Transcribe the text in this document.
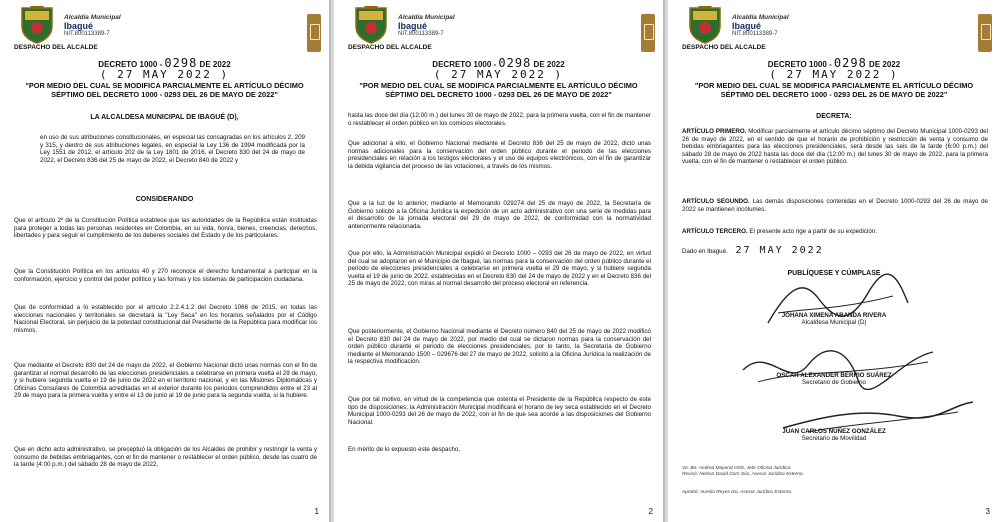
Alcaldía Municipal
Ibagué
NIT.800113389-7
DESPACHO DEL ALCALDE
DECRETO 1000 - 0298 DE 2022
( 27 MAY 2022 )
"POR MEDIO DEL CUAL SE MODIFICA PARCIALMENTE EL ARTÍCULO DÉCIMO SÉPTIMO DEL DECRETO 1000 - 0293 DEL 26 DE MAYO DE 2022"
LA ALCALDESA MUNICIPAL DE IBAGUÉ (D),
en uso de sus atribuciones constitucionales, en especial las consagradas en los artículos 2, 209 y 315, y dentro de sus atribuciones legales, en especial la Ley 136 de 1994 modificada por la Ley 1551 de 2012, el artículo 202 de la Ley 1801 de 2016, el Decreto 830 del 24 de mayo de 2022, el Decreto 836 del 25 de mayo de 2022, el Decreto 840 de 2022 y
CONSIDERANDO
Que el artículo 2º de la Constitución Política establece que las autoridades de la República están instituidas para proteger a todas las personas residentes en Colombia, en su vida, honra, bienes, creencias, derechos, libertades y para seguir el cumplimiento de los deberes sociales del Estado y de los particulares.
Que la Constitución Política en los artículos 40 y 270 reconoce el derecho fundamental a participar en la conformación, ejercicio y control del poder político y las formas y los sistemas de participación ciudadana.
Que de conformidad a lo establecido por el artículo 2.2.4.1.2 del Decreto 1066 de 2015, en todas las elecciones nacionales y territoriales se decretará la "Ley Seca" en los horarios señalados por el Código Nacional Electoral, sin perjuicio de la potestad constitucional del Presidente de la República para modificar los mismos.
Que mediante el Decreto 830 del 24 de mayo de 2022, el Gobierno Nacional dictó unas normas con el fin de garantizar el normal desarrollo de las elecciones presidenciales a celebrarse en primera vuelta el 29 de mayo, y si hubiere segunda vuelta el 19 de junio de 2022 en el territorio nacional, y en las Misiones Diplomáticas y Oficinas Consulares de Colombia acreditadas en el exterior durante los periodos comprendidos entre el 23 al 29 de mayo para la primera vuelta y entre el 13 de junio al 19 de junio para la segunda vuelta, si la hubiere.
Que en dicho acto administrativo, se preceptuó la obligación de los Alcaldes de prohibir y restringir la venta y consumo de bebidas embriagantes, con el fin de mantener o restablecer el orden público, desde las cuatro de la tarde (4:00 p.m.) del sábado 28 de mayo de 2022,
1
Alcaldía Municipal
Ibagué
NIT.800113389-7
DESPACHO DEL ALCALDE
DECRETO 1000 - 0298 DE 2022
( 27 MAY 2022 )
"POR MEDIO DEL CUAL SE MODIFICA PARCIALMENTE EL ARTÍCULO DÉCIMO SÉPTIMO DEL DECRETO 1000 - 0293 DEL 26 DE MAYO DE 2022"
hasta las doce del día (12:00 m.) del lunes 30 de mayo de 2022, para la primera vuelta, con el fin de mantener o restablecer el orden público en los comicios electorales.
Que adicional a ello, el Gobierno Nacional mediante el Decreto 836 del 25 de mayo de 2022, dictó unas normas adicionales para la conservación del orden público durante el periodo de las elecciones presidenciales en relación a los testigos electorales y el uso de equipos electrónicos, con el fin de garantizar la debida vigilancia del proceso de las votaciones, a través de los mismos.
Que a la luz de lo anterior, mediante el Memorando 029274 del 25 de mayo de 2022, la Secretaría de Gobierno solicitó a la Oficina Jurídica la expedición de un acto administrativo con una serie de medidas para el desarrollo de la jornada electoral del 29 de mayo de 2022, de conformidad con la normatividad anteriormente relacionada.
Que por ello, la Administración Municipal expidió el Decreto 1000 – 0293 del 26 de mayo de 2022, en virtud del cual se adoptaron en el Municipio de Ibagué, las normas para la conservación del orden público durante el periodo de elecciones presidenciales a celebrarse en primera vuelta el 29 de mayo, y si hubiere segunda vuelta el 19 de junio de 2022, establecidas en el Decreto 830 del 24 de mayo de 2022 y en el Decreto 836 del 25 de mayo de 2022, con miras al normal desarrollo del proceso electoral en referencia.
Que posteriormente, el Gobierno Nacional mediante el Decreto número 840 del 25 de mayo de 2022 modificó el Decreto 830 del 24 de mayo de 2022, por medio del cual se dictaron normas para la conservación del orden público durante el periodo de elecciones presidenciales; por lo tanto, la Secretaría de Gobierno mediante el Memorando 1500 – 029676 del 27 de mayo de 2022, solicitó a la Oficina Jurídica la realización de la respectiva modificación.
Que por tal motivo, en virtud de la competencia que ostenta el Presidente de la República respecto de este tipo de disposiciones, la Administración Municipal modificará el horario de ley seca establecido en el Decreto Municipal 1000-0293 del 26 de mayo de 2022, con el fin de que sea acorde a las disposiciones del Gobierno Nacional.
En mérito de lo expuesto este despacho,
2
Alcaldía Municipal
Ibagué
NIT.800113389-7
DESPACHO DEL ALCALDE
DECRETO 1000 - 0298 DE 2022
( 27 MAY 2022 )
"POR MEDIO DEL CUAL SE MODIFICA PARCIALMENTE EL ARTÍCULO DÉCIMO SÉPTIMO DEL DECRETO 1000 - 0293 DEL 26 DE MAYO DE 2022"
DECRETA:
ARTÍCULO PRIMERO. Modificar parcialmente el artículo décimo séptimo del Decreto Municipal 1000-0293 del 26 de mayo de 2022, en el sentido de que el horario de prohibición y restricción de venta y consumo de bebidas embriagantes para las elecciones presidenciales, será desde las seis de la tarde (6:00 p.m.) del sábado 28 de mayo de 2022 hasta las doce del día (12:00 m.) del lunes 30 de mayo de 2022, para la primera vuelta, con el fin de mantener o restablecer el orden público.
ARTÍCULO SEGUNDO. Las demás disposiciones contenidas en el Decreto 1000-0293 del 26 de mayo de 2022 se mantienen incólumes.
ARTÍCULO TERCERO. El presente acto rige a partir de su expedición.
Dado en Ibagué, 27 MAY 2022
PUBLÍQUESE Y CÚMPLASE
JOHANA XIMENA ARANDA RIVERA
Alcaldesa Municipal (D)
OSCAR ALEXANDER BERRIO SUÁREZ
Secretario de Gobierno
JUAN CARLOS NÚÑEZ GONZÁLEZ
Secretario de Movilidad
Vo. Bo: Andrea Mayoral Ortiz, Jefe Oficina Jurídica.
Revisó: Nelson David Corn Sús, Asesor Jurídico Externo.
Aprobó: Aurelio Reyes Izo, Asesor Jurídico Externo.
3
